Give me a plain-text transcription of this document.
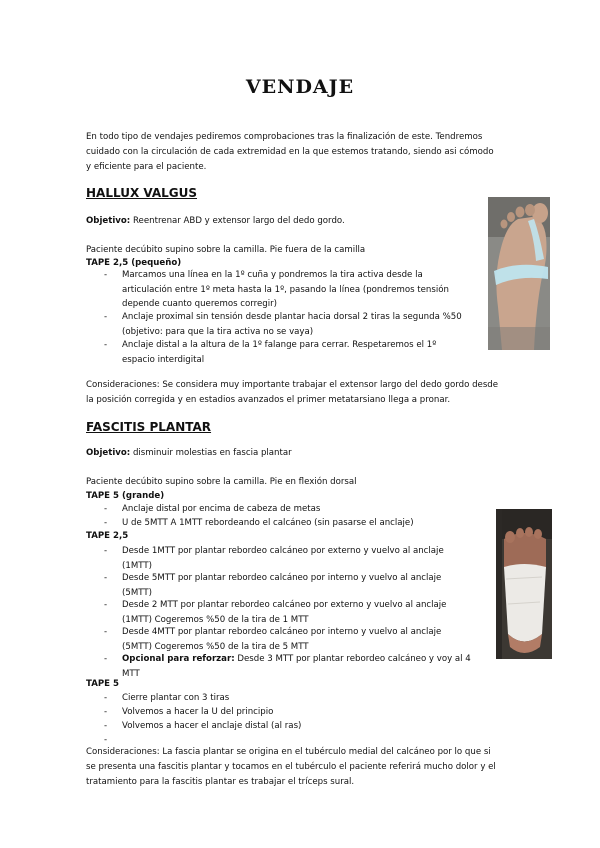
VENDAJE
En todo tipo de vendajes pediremos comprobaciones tras la finalización de este. Tendremos
cuidado con la circulación de cada extremidad en la que estemos tratando, siendo asi cómodo
y eficiente para el paciente.
HALLUX VALGUS
Objetivo: Reentrenar ABD y extensor largo del dedo gordo.
Paciente decúbito supino sobre la camilla. Pie fuera de la camilla
TAPE 2,5 (pequeño)
- Marcamos una línea en la 1º cuña y pondremos la tira activa desde la
articulación entre 1º meta hasta la 1º, pasando la línea (pondremos tensión
depende cuanto queremos corregir)
- Anclaje proximal sin tensión desde plantar hacia dorsal 2 tiras la segunda %50
(objetivo: para que la tira activa no se vaya)
- Anclaje distal a la altura de la 1º falange para cerrar. Respetaremos el 1º
espacio interdigital
Consideraciones: Se considera muy importante trabajar el extensor largo del dedo gordo desde
la posición corregida y en estadios avanzados el primer metatarsiano llega a pronar.
FASCITIS PLANTAR
Objetivo: disminuir molestias en fascia plantar
Paciente decúbito supino sobre la camilla. Pie en flexión dorsal
TAPE 5 (grande)
- Anclaje distal por encima de cabeza de metas
- U de 5MTT A 1MTT rebordeando el calcáneo (sin pasarse el anclaje)
TAPE 2,5
- Desde 1MTT por plantar rebordeo calcáneo por externo y vuelvo al anclaje
(1MTT)
- Desde 5MTT por plantar rebordeo calcáneo por interno y vuelvo al anclaje
(5MTT)
- Desde 2 MTT por plantar rebordeo calcáneo por externo y vuelvo al anclaje
(1MTT) Cogeremos %50 de la tira de 1 MTT
- Desde 4MTT por plantar rebordeo calcáneo por interno y vuelvo al anclaje
(5MTT) Cogeremos %50 de la tira de 5 MTT
- Opcional para reforzar: Desde 3 MTT por plantar rebordeo calcáneo y voy al 4
MTT
TAPE 5
- Cierre plantar con 3 tiras
- Volvemos a hacer la U del principio
- Volvemos a hacer el anclaje distal (al ras)
-
Consideraciones: La fascia plantar se origina en el tubérculo medial del calcáneo por lo que si
se presenta una fascitis plantar y tocamos en el tubérculo el paciente referirá mucho dolor y el
tratamiento para la fascitis plantar es trabajar el tríceps sural.
